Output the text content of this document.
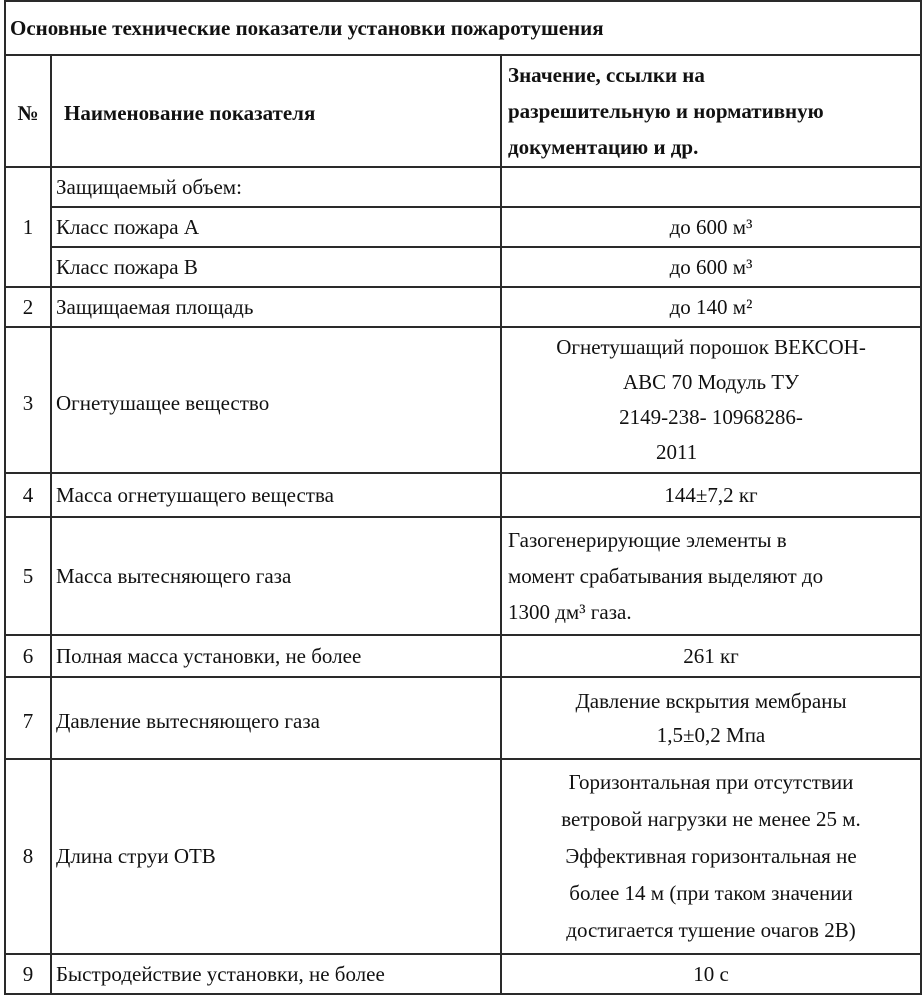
Основные технические показатели установки пожаротушения		
№	Наименование показателя	Значение, ссылки на
разрешительную и нормативную
документацию и др.

1	Защищаемый объем:	
	Класс пожара А	до 600 м³
	Класс пожара В	до 600 м³
2	Защищаемая площадь	до 140 м²
3	Огнетушащее вещество	Огнетушащий порошок ВЕКСОН-
АВС 70 Модуль ТУ
2149-238- 10968286-
2011

4	Масса огнетушащего вещества	144±7,2 кг
5	Масса вытесняющего газа	Газогенерирующие элементы в
момент срабатывания выделяют до
1300 дм³ газа.

6	Полная масса установки, не более	261 кг
7	Давление вытесняющего газа	Давление вскрытия мембраны
1,5±0,2 Мпа

8	Длина струи ОТВ	Горизонтальная при отсутствии
ветровой нагрузки не менее 25 м.
Эффективная горизонтальная не
более 14 м (при таком значении
достигается тушение очагов 2В)

9	Быстродействие установки, не более	10 с
